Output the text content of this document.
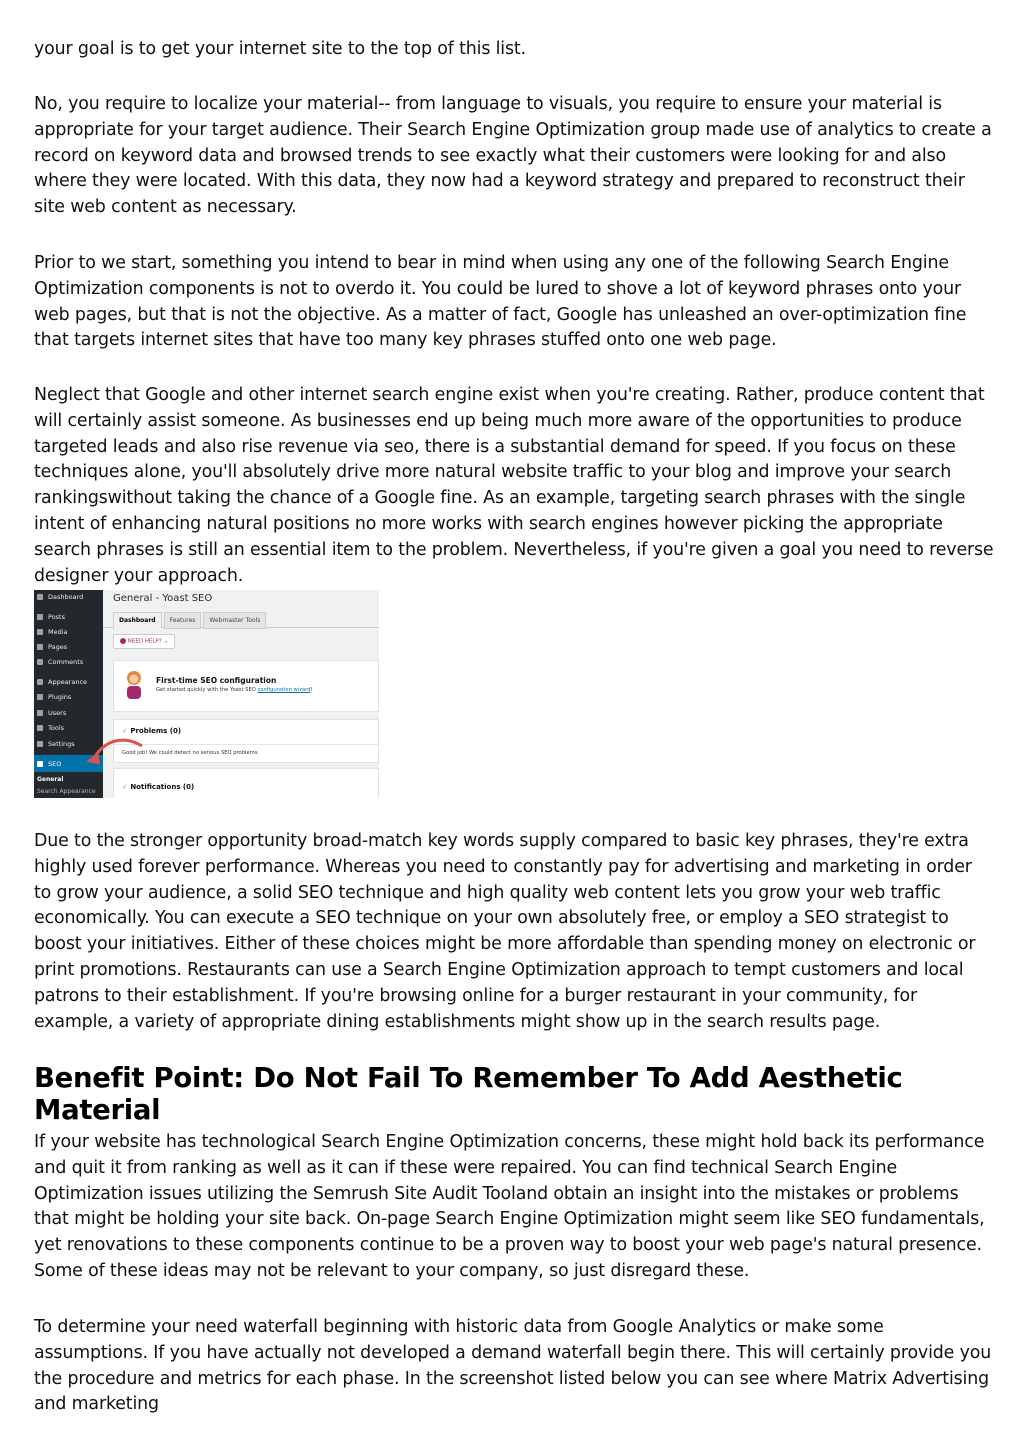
your goal is to get your internet site to the top of this list.

No, you require to localize your material-- from language to visuals, you require to ensure your material is appropriate for your target audience. Their Search Engine Optimization group made use of analytics to create a record on keyword data and browsed trends to see exactly what their customers were looking for and also where they were located. With this data, they now had a keyword strategy and prepared to reconstruct their site web content as necessary.

Prior to we start, something you intend to bear in mind when using any one of the following Search Engine Optimization components is not to overdo it. You could be lured to shove a lot of keyword phrases onto your web pages, but that is not the objective. As a matter of fact, Google has unleashed an over-optimization fine that targets internet sites that have too many key phrases stuffed onto one web page.

Neglect that Google and other internet search engine exist when you're creating. Rather, produce content that will certainly assist someone. As businesses end up being much more aware of the opportunities to produce targeted leads and also rise revenue via seo, there is a substantial demand for speed. If you focus on these techniques alone, you'll absolutely drive more natural website traffic to your blog and improve your search rankingswithout taking the chance of a Google fine. As an example, targeting search phrases with the single intent of enhancing natural positions no more works with search engines however picking the appropriate search phrases is still an essential item to the problem. Nevertheless, if you're given a goal you need to reverse designer your approach.

Dashboard
Posts
Media
Pages
Comments
Appearance
Plugins
Users
Tools
Settings
SEO
General
Search Appearance
General - Yoast SEO
Dashboard	Features	Webmaster Tools
NEED HELP? ⌄
First-time SEO configuration
Get started quickly with the Yoast SEO configuration wizard!
✓ Problems (0)
Good job! We could detect no serious SEO problems.
✓ Notifications (0)

Due to the stronger opportunity broad-match key words supply compared to basic key phrases, they're extra highly used forever performance. Whereas you need to constantly pay for advertising and marketing in order to grow your audience, a solid SEO technique and high quality web content lets you grow your web traffic economically. You can execute a SEO technique on your own absolutely free, or employ a SEO strategist to boost your initiatives. Either of these choices might be more affordable than spending money on electronic or print promotions. Restaurants can use a Search Engine Optimization approach to tempt customers and local patrons to their establishment. If you're browsing online for a burger restaurant in your community, for example, a variety of appropriate dining establishments might show up in the search results page.

Benefit Point: Do Not Fail To Remember To Add Aesthetic Material

If your website has technological Search Engine Optimization concerns, these might hold back its performance and quit it from ranking as well as it can if these were repaired. You can find technical Search Engine Optimization issues utilizing the Semrush Site Audit Tooland obtain an insight into the mistakes or problems that might be holding your site back. On-page Search Engine Optimization might seem like SEO fundamentals, yet renovations to these components continue to be a proven way to boost your web page's natural presence. Some of these ideas may not be relevant to your company, so just disregard these.

To determine your need waterfall beginning with historic data from Google Analytics or make some assumptions. If you have actually not developed a demand waterfall begin there. This will certainly provide you the procedure and metrics for each phase. In the screenshot listed below you can see where Matrix Advertising and marketing
